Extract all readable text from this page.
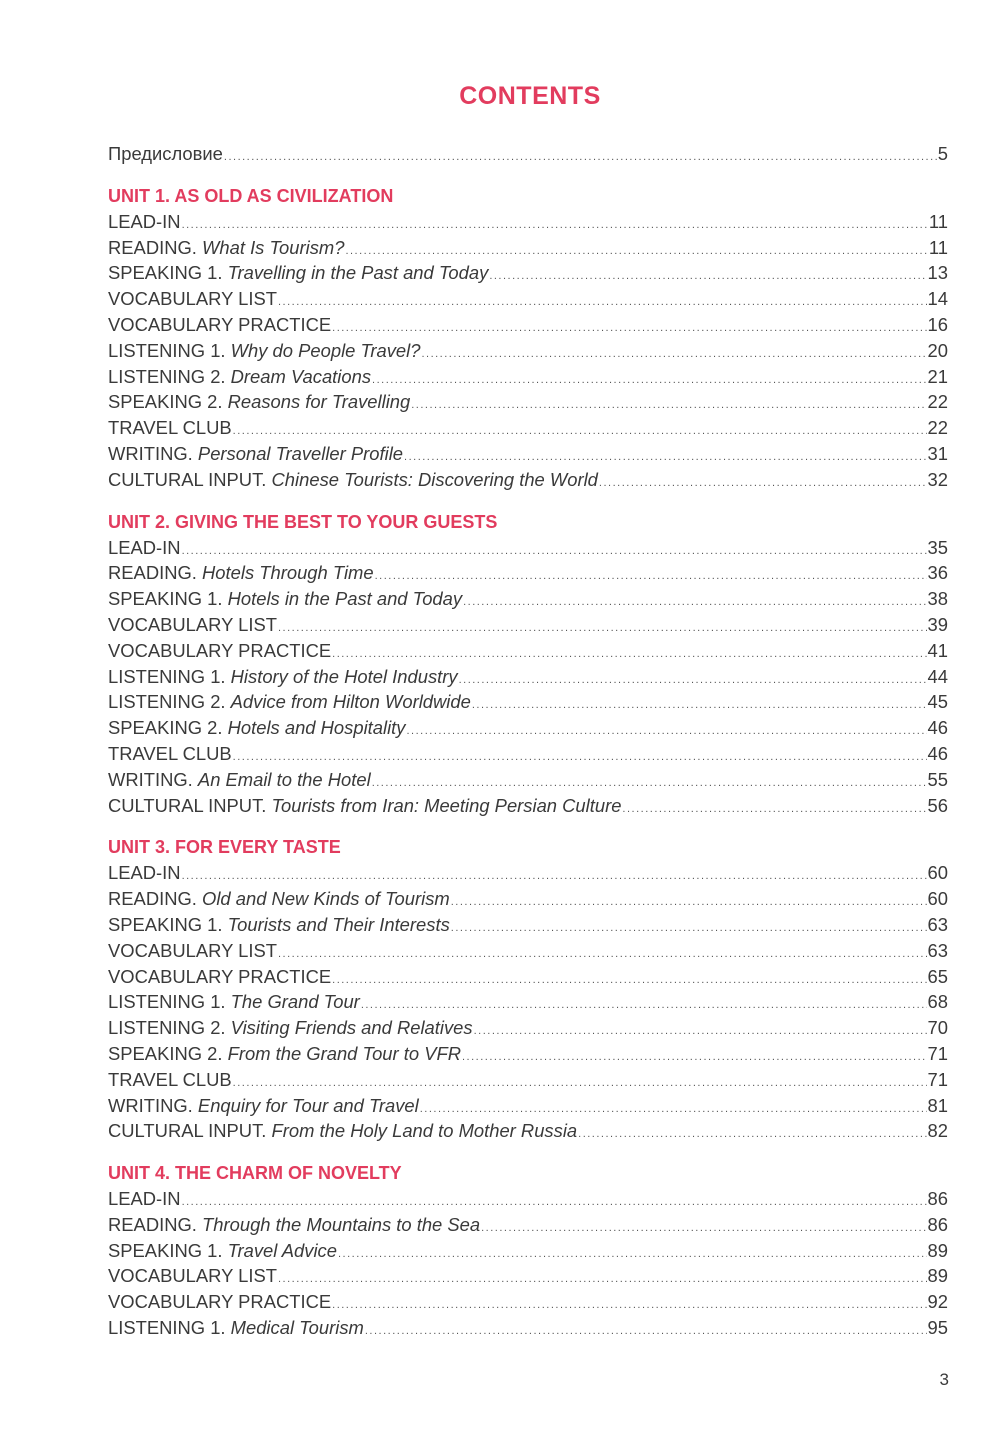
CONTENTS
Предисловие .....	5
UNIT 1. AS OLD AS CIVILIZATION
LEAD-IN .....	11
READING. What Is Tourism? .....	11
SPEAKING 1. Travelling in the Past and Today .....	13
VOCABULARY LIST .....	14
VOCABULARY PRACTICE .....	16
LISTENING 1. Why do People Travel? .....	20
LISTENING 2. Dream Vacations .....	21
SPEAKING 2. Reasons for Travelling .....	22
TRAVEL CLUB .....	22
WRITING. Personal Traveller Profile .....	31
CULTURAL INPUT. Chinese Tourists: Discovering the World .....	32
UNIT 2. GIVING THE BEST TO YOUR GUESTS
LEAD-IN .....	35
READING. Hotels Through Time .....	36
SPEAKING 1. Hotels in the Past and Today .....	38
VOCABULARY LIST .....	39
VOCABULARY PRACTICE .....	41
LISTENING 1. History of the Hotel Industry .....	44
LISTENING 2. Advice from Hilton Worldwide .....	45
SPEAKING 2. Hotels and Hospitality .....	46
TRAVEL CLUB .....	46
WRITING. An Email to the Hotel .....	55
CULTURAL INPUT. Tourists from Iran: Meeting Persian Culture .....	56
UNIT 3. FOR EVERY TASTE
LEAD-IN .....	60
READING. Old and New Kinds of Tourism .....	60
SPEAKING 1. Tourists and Their Interests .....	63
VOCABULARY LIST .....	63
VOCABULARY PRACTICE .....	65
LISTENING 1. The Grand Tour .....	68
LISTENING 2. Visiting Friends and Relatives .....	70
SPEAKING 2. From the Grand Tour to VFR .....	71
TRAVEL CLUB .....	71
WRITING. Enquiry for Tour and Travel .....	81
CULTURAL INPUT. From the Holy Land to Mother Russia .....	82
UNIT 4. THE CHARM OF NOVELTY
LEAD-IN .....	86
READING. Through the Mountains to the Sea .....	86
SPEAKING 1. Travel Advice .....	89
VOCABULARY LIST .....	89
VOCABULARY PRACTICE .....	92
LISTENING 1. Medical Tourism .....	95
3
